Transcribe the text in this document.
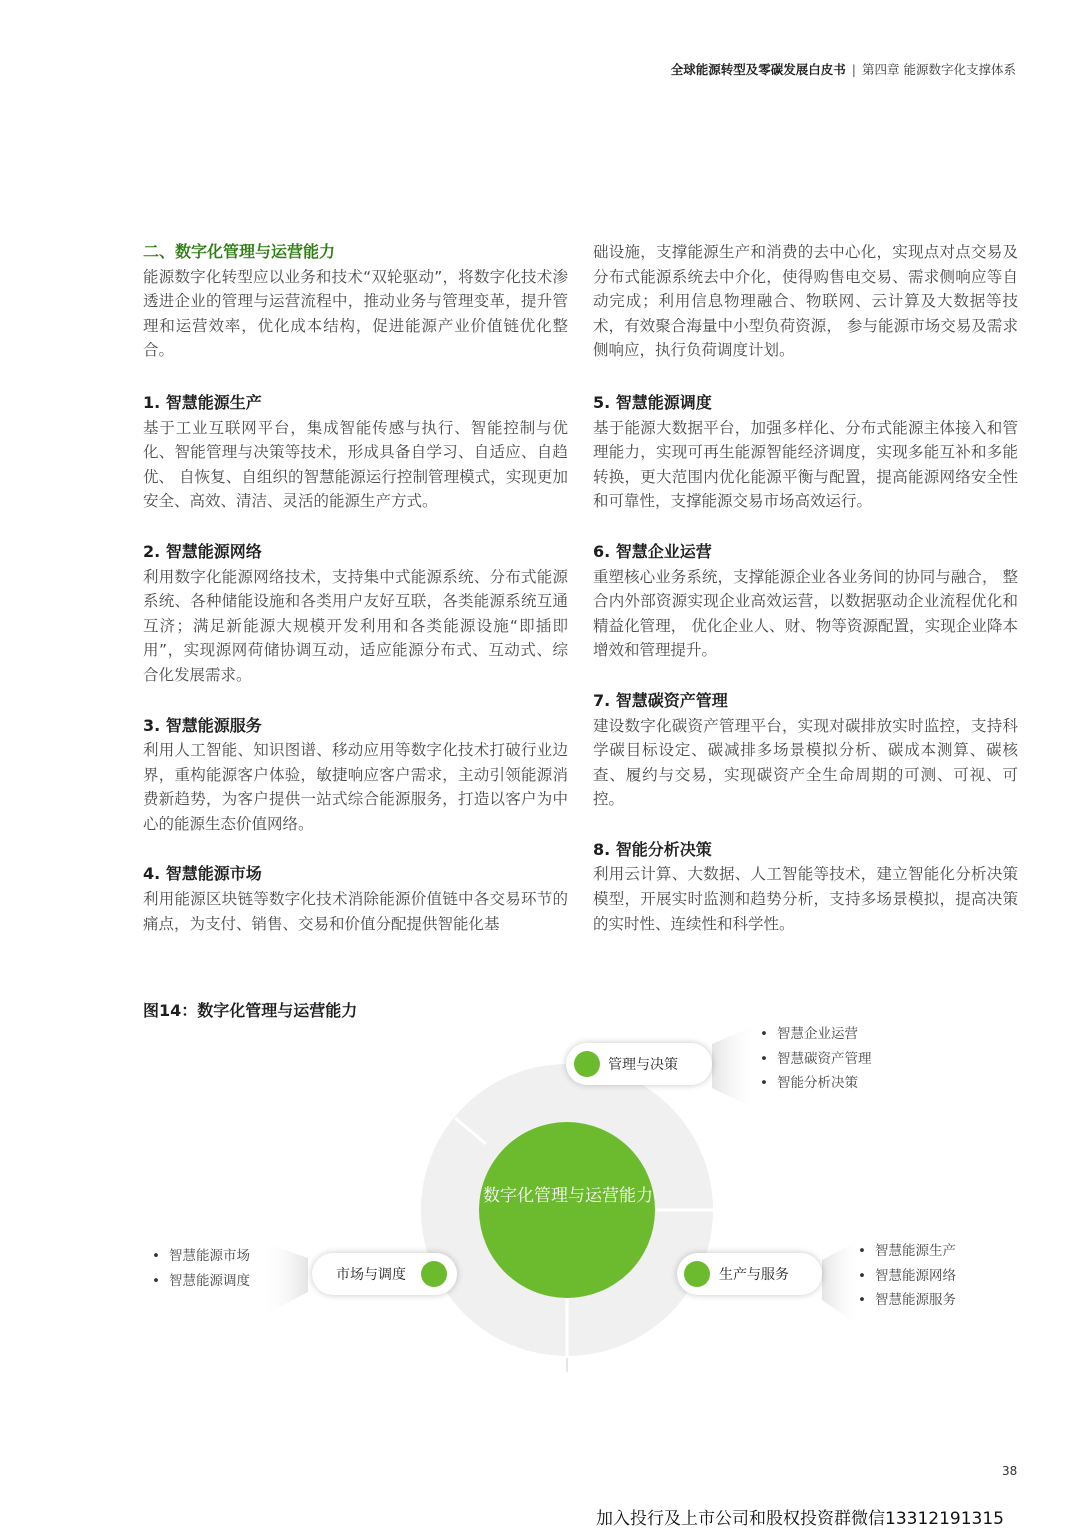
全球能源转型及零碳发展白皮书 | 第四章 能源数字化支撑体系

二、数字化管理与运营能力

能源数字化转型应以业务和技术“双轮驱动”，将数字化技术渗透进企业的管理与运营流程中，推动业务与管理变革，提升管理和运营效率，优化成本结构，促进能源产业价值链优化整合。

1. 智慧能源生产

基于工业互联网平台，集成智能传感与执行、智能控制与优化、智能管理与决策等技术，形成具备自学习、自适应、自趋优、 自恢复、自组织的智慧能源运行控制管理模式，实现更加安全、高效、清洁、灵活的能源生产方式。

2. 智慧能源网络

利用数字化能源网络技术，支持集中式能源系统、分布式能源系统、各种储能设施和各类用户友好互联，各类能源系统互通互济；满足新能源大规模开发利用和各类能源设施“即插即用”，实现源网荷储协调互动，适应能源分布式、互动式、综合化发展需求。

3. 智慧能源服务

利用人工智能、知识图谱、移动应用等数字化技术打破行业边界，重构能源客户体验，敏捷响应客户需求，主动引领能源消费新趋势，为客户提供一站式综合能源服务，打造以客户为中心的能源生态价值网络。

4. 智慧能源市场

利用能源区块链等数字化技术消除能源价值链中各交易环节的痛点，为支付、销售、交易和价值分配提供智能化基

础设施，支撑能源生产和消费的去中心化，实现点对点交易及分布式能源系统去中介化，使得购售电交易、需求侧响应等自动完成；利用信息物理融合、物联网、云计算及大数据等技术，有效聚合海量中小型负荷资源， 参与能源市场交易及需求侧响应，执行负荷调度计划。

5. 智慧能源调度

基于能源大数据平台，加强多样化、分布式能源主体接入和管理能力，实现可再生能源智能经济调度，实现多能互补和多能转换，更大范围内优化能源平衡与配置，提高能源网络安全性和可靠性，支撑能源交易市场高效运行。

6. 智慧企业运营

重塑核心业务系统，支撑能源企业各业务间的协同与融合， 整合内外部资源实现企业高效运营，以数据驱动企业流程优化和精益化管理， 优化企业人、财、物等资源配置，实现企业降本增效和管理提升。

7. 智慧碳资产管理

建设数字化碳资产管理平台，实现对碳排放实时监控，支持科学碳目标设定、碳减排多场景模拟分析、碳成本测算、碳核查、履约与交易，实现碳资产全生命周期的可测、可视、可控。

8. 智能分析决策

利用云计算、大数据、人工智能等技术，建立智能化分析决策模型，开展实时监测和趋势分析，支持多场景模拟，提高决策的实时性、连续性和科学性。

图14：数字化管理与运营能力
数字化管理与运营能力
管理与决策
• 智慧企业运营
• 智慧碳资产管理
• 智能分析决策
市场与调度
• 智慧能源市场
• 智慧能源调度	生产与服务
• 智慧能源生产
• 智慧能源网络
• 智慧能源服务
38
加入投行及上市公司和股权投资群微信13312191315
